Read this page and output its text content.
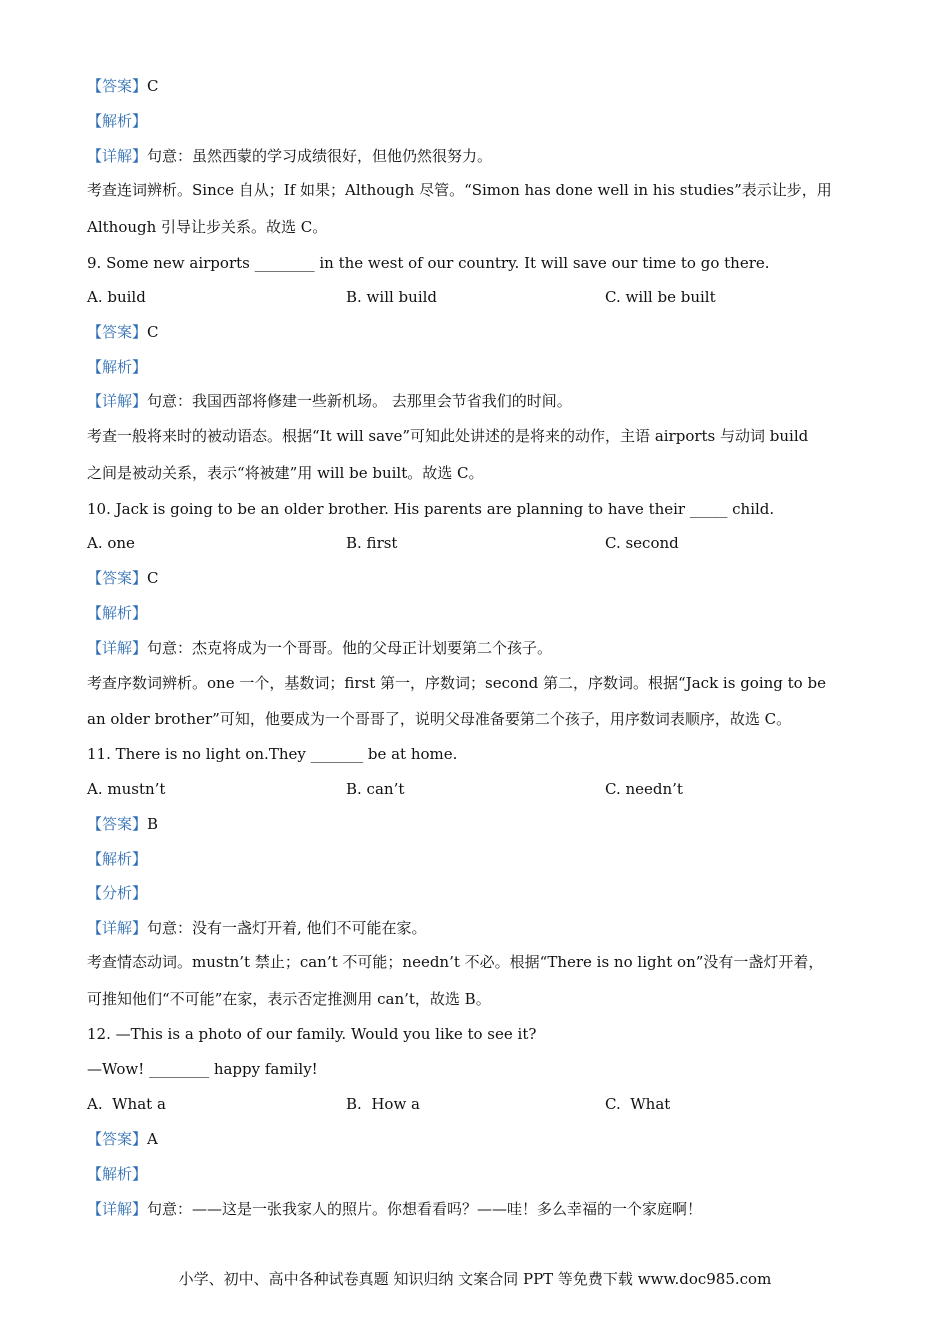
【答案】C
【解析】
【详解】句意：虽然西蒙的学习成绩很好，但他仍然很努力。
考查连词辨析。Since 自从；If 如果；Although 尽管。“Simon has done well in his studies”表示让步，用
Although 引导让步关系。故选 C。
9. Some new airports ________ in the west of our country. It will save our time to go there.
A. build	B. will build	C. will be built
【答案】C
【解析】
【详解】句意：我国西部将修建一些新机场。 去那里会节省我们的时间。
考查一般将来时的被动语态。根据“It will save”可知此处讲述的是将来的动作，主语 airports 与动词 build
之间是被动关系，表示“将被建”用 will be built。故选 C。
10. Jack is going to be an older brother. His parents are planning to have their _____ child.
A. one	B. first	C. second
【答案】C
【解析】
【详解】句意：杰克将成为一个哥哥。他的父母正计划要第二个孩子。
考查序数词辨析。one 一个，基数词；first 第一，序数词；second 第二，序数词。根据“Jack is going to be
an older brother”可知，他要成为一个哥哥了，说明父母准备要第二个孩子，用序数词表顺序，故选 C。
11. There is no light on.They _______ be at home.
A. mustn’t	B. can’t	C. needn’t
【答案】B
【解析】
【分析】
【详解】句意：没有一盏灯开着, 他们不可能在家。
考查情态动词。mustn’t 禁止；can’t 不可能；needn’t 不必。根据“There is no light on”没有一盏灯开着，
可推知他们“不可能”在家，表示否定推测用 can’t，故选 B。
12. —This is a photo of our family. Would you like to see it?
—Wow! ________ happy family!
A.  What a	B.  How a	C.  What
【答案】A
【解析】
【详解】句意：——这是一张我家人的照片。你想看看吗？——哇！多么幸福的一个家庭啊！
小学、初中、高中各种试卷真题 知识归纳 文案合同 PPT 等免费下载 www.doc985.com
